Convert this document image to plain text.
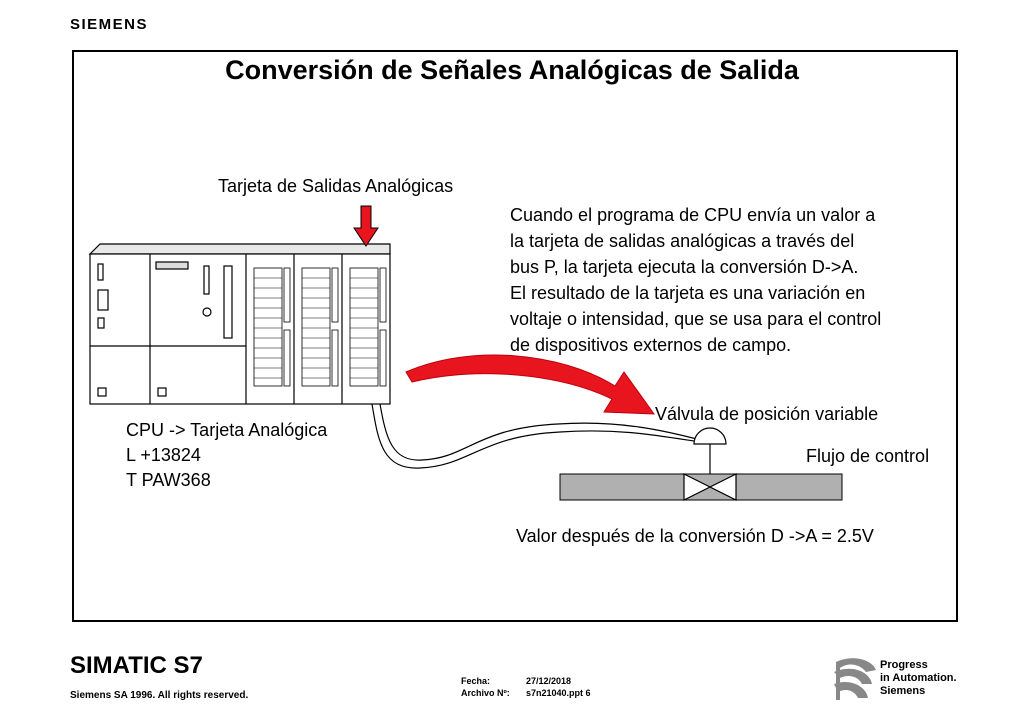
SIEMENS
Conversión de Señales Analógicas de Salida
Tarjeta de Salidas Analógicas
Cuando el programa de CPU envía un valor a
la tarjeta de salidas analógicas a través del
bus P, la tarjeta ejecuta la conversión D->A.
El resultado de la tarjeta es una variación en
voltaje o intensidad, que se usa para el control
de dispositivos externos de campo.
CPU -> Tarjeta Analógica
L +13824
T PAW368
Válvula de posición variable
Flujo de control
Valor después de la conversión D ->A = 2.5V
SIMATIC S7
Siemens SA 1996. All rights reserved.
Fecha:	27/12/2018
Archivo Nº: s7n21040.ppt 6
Progress
in Automation.
Siemens
